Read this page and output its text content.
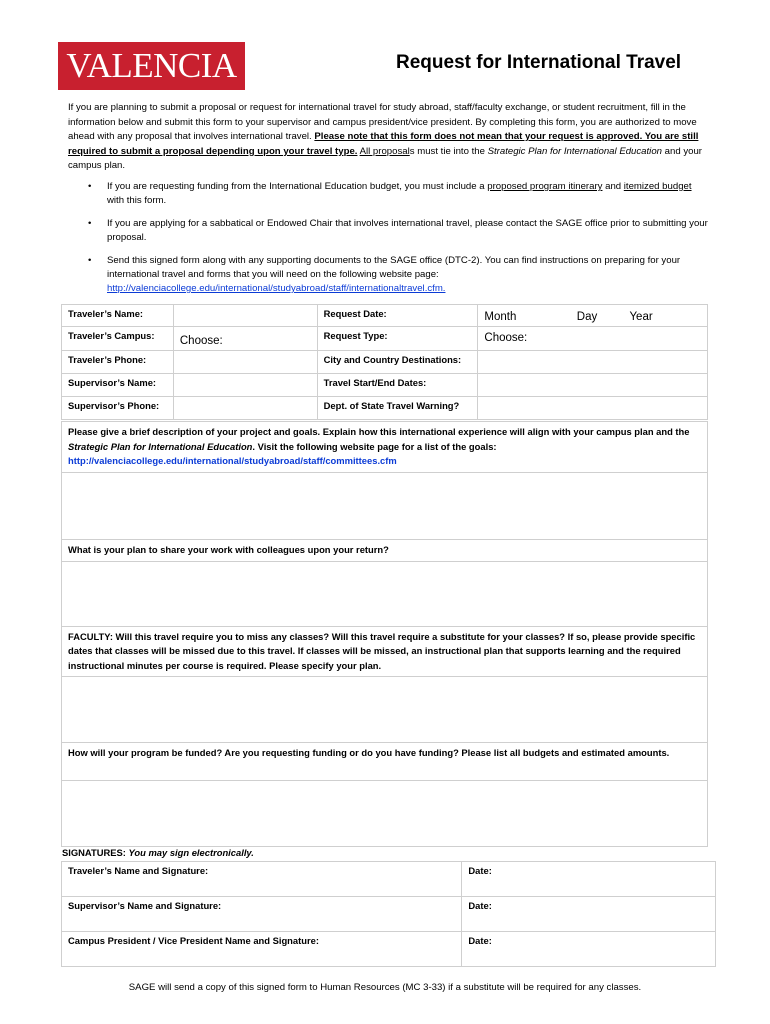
VALENCIA	Request for International Travel
If you are planning to submit a proposal or request for international travel for study abroad, staff/faculty exchange, or student recruitment, fill in the information below and submit this form to your supervisor and campus president/vice president. By completing this form, you are authorized to move ahead with any proposal that involves international travel. Please note that this form does not mean that your request is approved. You are still required to submit a proposal depending upon your travel type. All proposals must tie into the Strategic Plan for International Education and your campus plan.
• If you are requesting funding from the International Education budget, you must include a proposed program itinerary and itemized budget with this form.
• If you are applying for a sabbatical or Endowed Chair that involves international travel, please contact the SAGE office prior to submitting your proposal.
• Send this signed form along with any supporting documents to the SAGE office (DTC-2). You can find instructions on preparing for your international travel and forms that you will need on the following website page: http://valenciacollege.edu/international/studyabroad/staff/internationaltravel.cfm.
Traveler’s Name:		Request Date:	Month Day Year
Traveler’s Campus:	Choose:	Request Type:	Choose:
Traveler’s Phone:		City and Country Destinations:	
Supervisor’s Name:		Travel Start/End Dates:	
Supervisor’s Phone:		Dept. of State Travel Warning?	
Please give a brief description of your project and goals. Explain how this international experience will align with your campus plan and the Strategic Plan for International Education. Visit the following website page for a list of the goals: http://valenciacollege.edu/international/studyabroad/staff/committees.cfm

What is your plan to share your work with colleagues upon your return?

FACULTY: Will this travel require you to miss any classes? Will this travel require a substitute for your classes? If so, please provide specific dates that classes will be missed due to this travel. If classes will be missed, an instructional plan that supports learning and the required instructional minutes per course is required. Please specify your plan.

How will your program be funded? Are you requesting funding or do you have funding? Please list all budgets and estimated amounts.

SIGNATURES: You may sign electronically.
Traveler’s Name and Signature:	Date:
Supervisor’s Name and Signature:	Date:
Campus President / Vice President Name and Signature:	Date:
SAGE will send a copy of this signed form to Human Resources (MC 3-33) if a substitute will be required for any classes.
